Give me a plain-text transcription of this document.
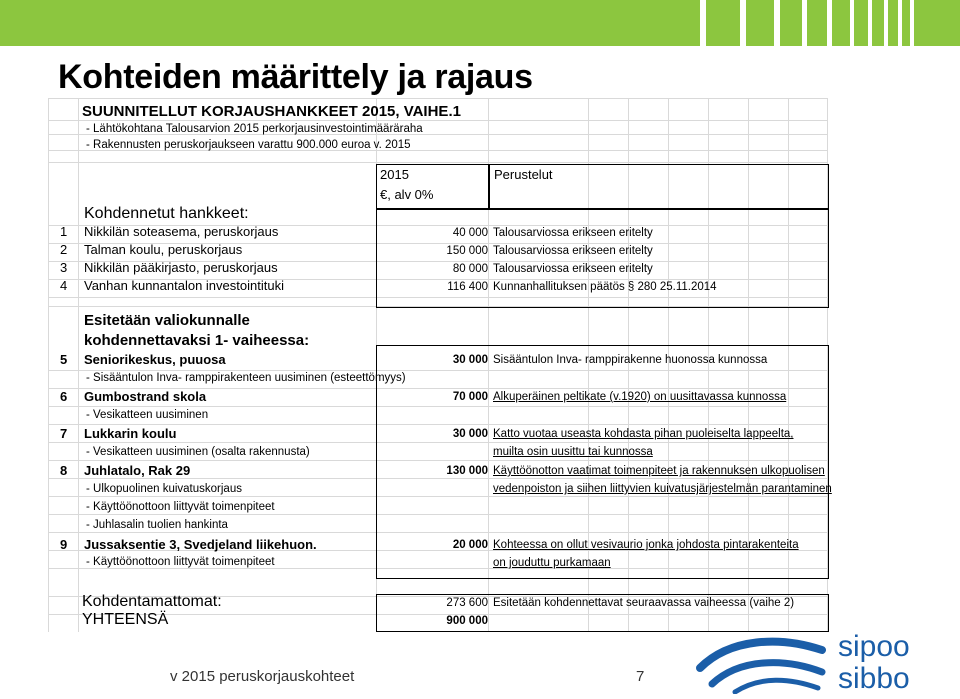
Kohteiden määrittely ja rajaus
SUUNNITELLUT KORJAUSHANKKEET 2015, VAIHE.1
- Lähtökohtana Talousarvion 2015 perkorjausinvestointimääräraha
- Rakennusten peruskorjaukseen varattu 900.000 euroa v. 2015
2015	Perustelut
€, alv 0%
Kohdennetut hankkeet:
1 Nikkilän soteasema, peruskorjaus	40 000 Talousarviossa erikseen eritelty
2 Talman koulu, peruskorjaus	150 000 Talousarviossa erikseen eritelty
3 Nikkilän pääkirjasto, peruskorjaus	80 000 Talousarviossa erikseen eritelty
4 Vanhan kunnantalon investointituki	116 400 Kunnanhallituksen päätös § 280 25.11.2014
Esitetään valiokunnalle
kohdennettavaksi 1- vaiheessa:
5 Seniorikeskus, puuosa	30 000 Sisääntulon Inva- ramppirakenne huonossa kunnossa
- Sisääntulon Inva- ramppirakenteen uusiminen (esteettömyys)
6 Gumbostrand skola	70 000 Alkuperäinen peltikate (v.1920) on uusittavassa kunnossa
- Vesikatteen uusiminen
7 Lukkarin koulu	30 000 Katto vuotaa useasta kohdasta pihan puoleiselta lappeelta,
- Vesikatteen uusiminen (osalta rakennusta)	muilta osin uusittu tai kunnossa
8 Juhlatalo, Rak 29	130 000 Käyttöönotton vaatimat toimenpiteet ja rakennuksen ulkopuolisen
- Ulkopuolinen kuivatuskorjaus	vedenpoiston ja siihen liittyvien kuivatusjärjestelmän parantaminen
- Käyttöönottoon liittyvät toimenpiteet
- Juhlasalin tuolien hankinta
9 Jussaksentie 3, Svedjeland liikehuon.	20 000 Kohteessa on ollut vesivaurio jonka johdosta pintarakenteita
- Käyttöönottoon liittyvät toimenpiteet	on jouduttu purkamaan
Kohdentamattomat:	273 600 Esitetään kohdennettavat seuraavassa vaiheessa (vaihe 2)
YHTEENSÄ	900 000
v 2015 peruskorjauskohteet	7
sipoo
sibbo
